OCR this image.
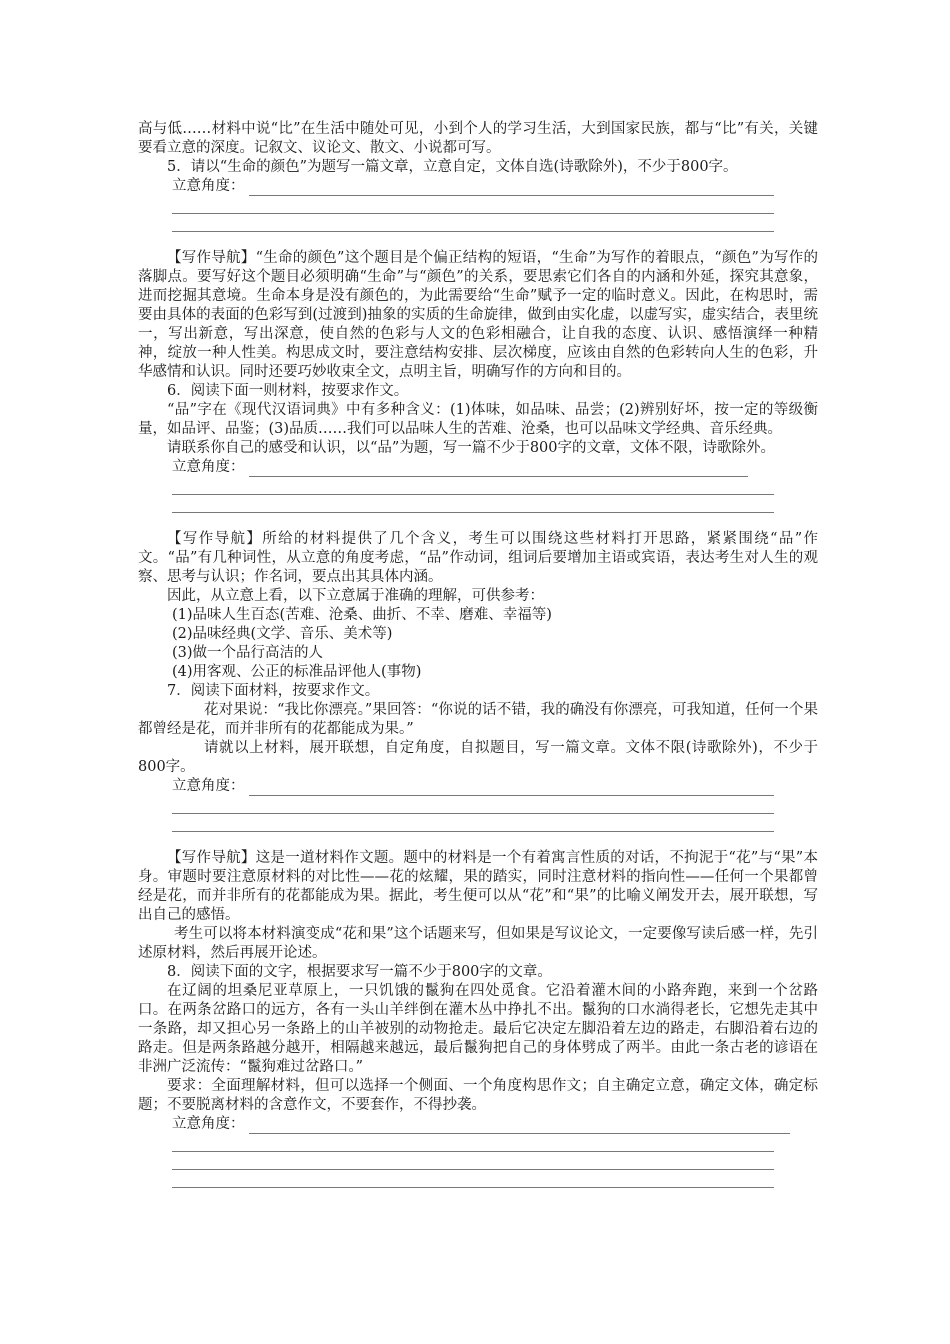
高与低……材料中说“比”在生活中随处可见，小到个人的学习生活，大到国家民族，都与“比”有关，关键要看立意的深度。记叙文、议论文、散文、小说都可写。

5．请以“生命的颜色”为题写一篇文章，立意自定，文体自选(诗歌除外)，不少于800字。

立意角度：

【写作导航】“生命的颜色”这个题目是个偏正结构的短语，“生命”为写作的着眼点，“颜色”为写作的落脚点。要写好这个题目必须明确“生命”与“颜色”的关系，要思索它们各自的内涵和外延，探究其意象，进而挖掘其意境。生命本身是没有颜色的，为此需要给“生命”赋予一定的临时意义。因此，在构思时，需要由具体的表面的色彩写到(过渡到)抽象的实质的生命旋律，做到由实化虚，以虚写实，虚实结合，表里统一，写出新意，写出深意，使自然的色彩与人文的色彩相融合，让自我的态度、认识、感悟演绎一种精神，绽放一种人性美。构思成文时，要注意结构安排、层次梯度，应该由自然的色彩转向人生的色彩，升华感情和认识。同时还要巧妙收束全文，点明主旨，明确写作的方向和目的。

6．阅读下面一则材料，按要求作文。

“品”字在《现代汉语词典》中有多种含义：(1)体味，如品味、品尝；(2)辨别好坏，按一定的等级衡量，如品评、品鉴；(3)品质……我们可以品味人生的苦难、沧桑，也可以品味文学经典、音乐经典。

请联系你自己的感受和认识，以“品”为题，写一篇不少于800字的文章，文体不限，诗歌除外。

立意角度：

【写作导航】所给的材料提供了几个含义，考生可以围绕这些材料打开思路，紧紧围绕“品”作文。“品”有几种词性，从立意的角度考虑，“品”作动词，组词后要增加主语或宾语，表达考生对人生的观察、思考与认识；作名词，要点出其具体内涵。

因此，从立意上看，以下立意属于准确的理解，可供参考：

(1)品味人生百态(苦难、沧桑、曲折、不幸、磨难、幸福等)

(2)品味经典(文学、音乐、美术等)

(3)做一个品行高洁的人

(4)用客观、公正的标准品评他人(事物)

7．阅读下面材料，按要求作文。

花对果说：“我比你漂亮。”果回答：“你说的话不错，我的确没有你漂亮，可我知道，任何一个果都曾经是花，而并非所有的花都能成为果。”

请就以上材料，展开联想，自定角度，自拟题目，写一篇文章。文体不限(诗歌除外)，不少于800字。

立意角度：

【写作导航】这是一道材料作文题。题中的材料是一个有着寓言性质的对话，不拘泥于“花”与“果”本身。审题时要注意原材料的对比性——花的炫耀，果的踏实，同时注意材料的指向性——任何一个果都曾经是花，而并非所有的花都能成为果。据此，考生便可以从“花”和“果”的比喻义阐发开去，展开联想，写出自己的感悟。

考生可以将本材料演变成“花和果”这个话题来写，但如果是写议论文，一定要像写读后感一样，先引述原材料，然后再展开论述。

8．阅读下面的文字，根据要求写一篇不少于800字的文章。

在辽阔的坦桑尼亚草原上，一只饥饿的鬣狗在四处觅食。它沿着灌木间的小路奔跑，来到一个岔路口。在两条岔路口的远方，各有一头山羊绊倒在灌木丛中挣扎不出。鬣狗的口水淌得老长，它想先走其中一条路，却又担心另一条路上的山羊被别的动物抢走。最后它决定左脚沿着左边的路走，右脚沿着右边的路走。但是两条路越分越开，相隔越来越远，最后鬣狗把自己的身体劈成了两半。由此一条古老的谚语在非洲广泛流传：“鬣狗难过岔路口。”

要求：全面理解材料，但可以选择一个侧面、一个角度构思作文；自主确定立意，确定文体，确定标题；不要脱离材料的含意作文，不要套作，不得抄袭。

立意角度：
